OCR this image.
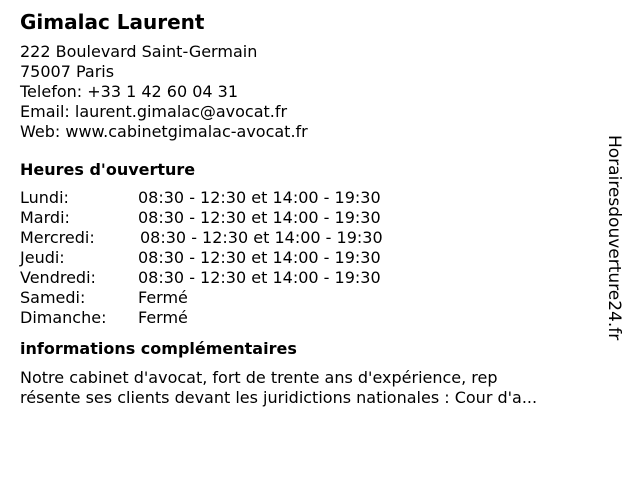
Gimalac Laurent
222 Boulevard Saint-Germain
75007 Paris
Telefon: +33 1 42 60 04 31
Email: laurent.gimalac@avocat.fr
Web: www.cabinetgimalac-avocat.fr
Heures d'ouverture
Lundi:	08:30 - 12:30 et 14:00 - 19:30
Mardi:	08:30 - 12:30 et 14:00 - 19:30
Mercredi:	08:30 - 12:30 et 14:00 - 19:30
Jeudi:	08:30 - 12:30 et 14:00 - 19:30
Vendredi:	08:30 - 12:30 et 14:00 - 19:30
Samedi:	Fermé
Dimanche:	Fermé
informations complémentaires
Notre cabinet d'avocat, fort de trente ans d'expérience, rep
résente ses clients devant les juridictions nationales : Cour d'a...
Horairesdouverture24.fr
